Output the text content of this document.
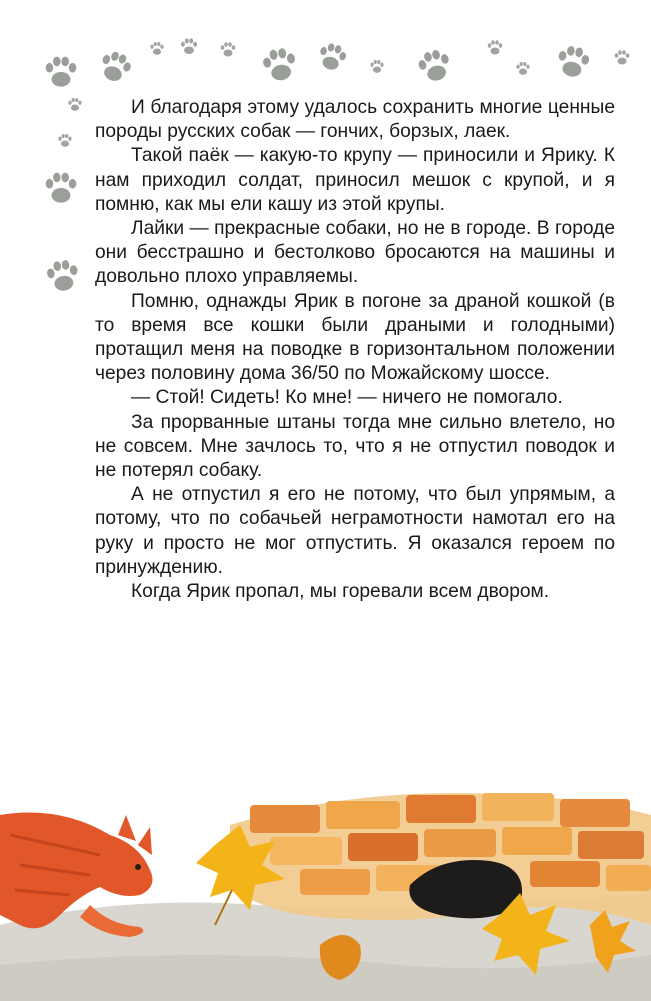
И благодаря этому удалось сохранить многие ценные породы русских собак — гончих, борзых, лаек.

Такой паёк — какую-то крупу — приносили и Ярику. К нам приходил солдат, приносил мешок с крупой, и я помню, как мы ели кашу из этой крупы.

Лайки — прекрасные собаки, но не в городе. В городе они бесстрашно и бестолково бросаются на машины и довольно плохо управляемы.

Помню, однажды Ярик в погоне за драной кошкой (в то время все кошки были драными и голодными) протащил меня на поводке в горизонтальном положении через половину дома 36/50 по Можайскому шоссе.

— Стой! Сидеть! Ко мне! — ничего не помогало.

За прорванные штаны тогда мне сильно влетело, но не совсем. Мне зачлось то, что я не отпустил поводок и не потерял собаку.

А не отпустил я его не потому, что был упрямым, а потому, что по собачьей неграмотности намотал его на руку и просто не мог отпустить. Я оказался героем по принуждению.

Когда Ярик пропал, мы горевали всем двором.
